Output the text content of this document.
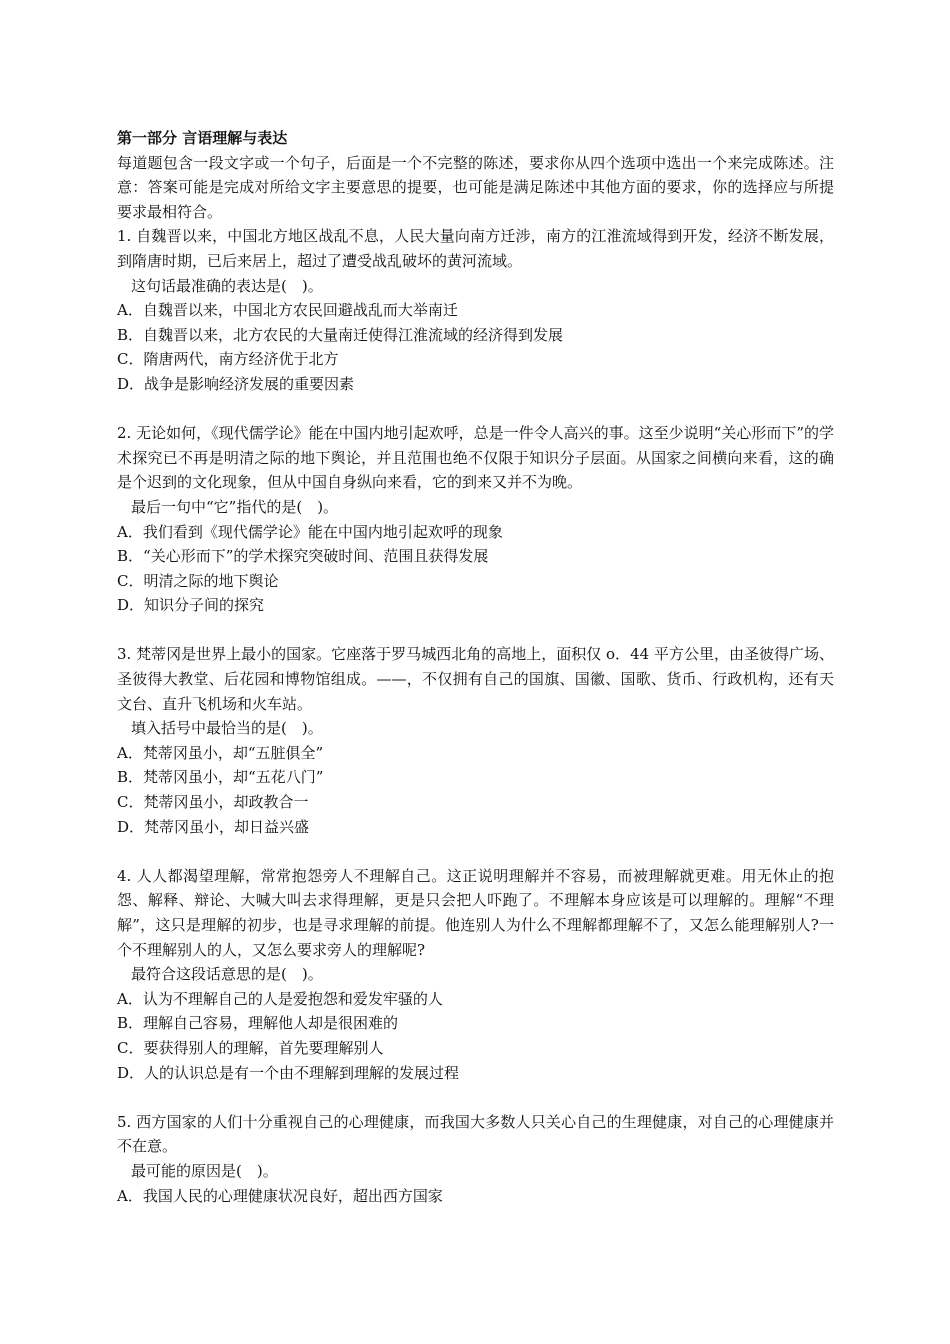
第一部分 言语理解与表达

每道题包含一段文字或一个句子，后面是一个不完整的陈述，要求你从四个选项中选出一个来完成陈述。注意：答案可能是完成对所给文字主要意思的提要，也可能是满足陈述中其他方面的要求，你的选择应与所提要求最相符合。

1. 自魏晋以来，中国北方地区战乱不息，人民大量向南方迁涉，南方的江淮流域得到开发，经济不断发展，到隋唐时期，已后来居上，超过了遭受战乱破坏的黄河流域。

这句话最准确的表达是(　)。
A．自魏晋以来，中国北方农民回避战乱而大举南迁
B．自魏晋以来，北方农民的大量南迁使得江淮流域的经济得到发展
C．隋唐两代，南方经济优于北方
D．战争是影响经济发展的重要因素

2. 无论如何，《现代儒学论》能在中国内地引起欢呼，总是一件令人高兴的事。这至少说明“关心形而下”的学术探究已不再是明清之际的地下舆论，并且范围也绝不仅限于知识分子层面。从国家之间横向来看，这的确是个迟到的文化现象，但从中国自身纵向来看，它的到来又并不为晚。

最后一句中“它”指代的是(　)。
A．我们看到《现代儒学论》能在中国内地引起欢呼的现象
B．“关心形而下”的学术探究突破时间、范围且获得发展
C．明清之际的地下舆论
D．知识分子间的探究

3. 梵蒂冈是世界上最小的国家。它座落于罗马城西北角的高地上，面积仅 o．44 平方公里，由圣彼得广场、圣彼得大教堂、后花园和博物馆组成。——，不仅拥有自己的国旗、国徽、国歌、货币、行政机构，还有天文台、直升飞机场和火车站。

填入括号中最恰当的是(　)。
A．梵蒂冈虽小，却“五脏俱全”
B．梵蒂冈虽小，却“五花八门”
C．梵蒂冈虽小，却政教合一
D．梵蒂冈虽小，却日益兴盛

4. 人人都渴望理解，常常抱怨旁人不理解自己。这正说明理解并不容易，而被理解就更难。用无休止的抱怨、解释、辩论、大喊大叫去求得理解，更是只会把人吓跑了。不理解本身应该是可以理解的。理解“不理解”，这只是理解的初步，也是寻求理解的前提。他连别人为什么不理解都理解不了，又怎么能理解别人?一个不理解别人的人，又怎么要求旁人的理解呢?

最符合这段话意思的是(　)。
A．认为不理解自己的人是爱抱怨和爱发牢骚的人
B．理解自己容易，理解他人却是很困难的
C．要获得别人的理解，首先要理解别人
D．人的认识总是有一个由不理解到理解的发展过程

5. 西方国家的人们十分重视自己的心理健康，而我国大多数人只关心自己的生理健康，对自己的心理健康并不在意。

最可能的原因是(　)。
A．我国人民的心理健康状况良好，超出西方国家
